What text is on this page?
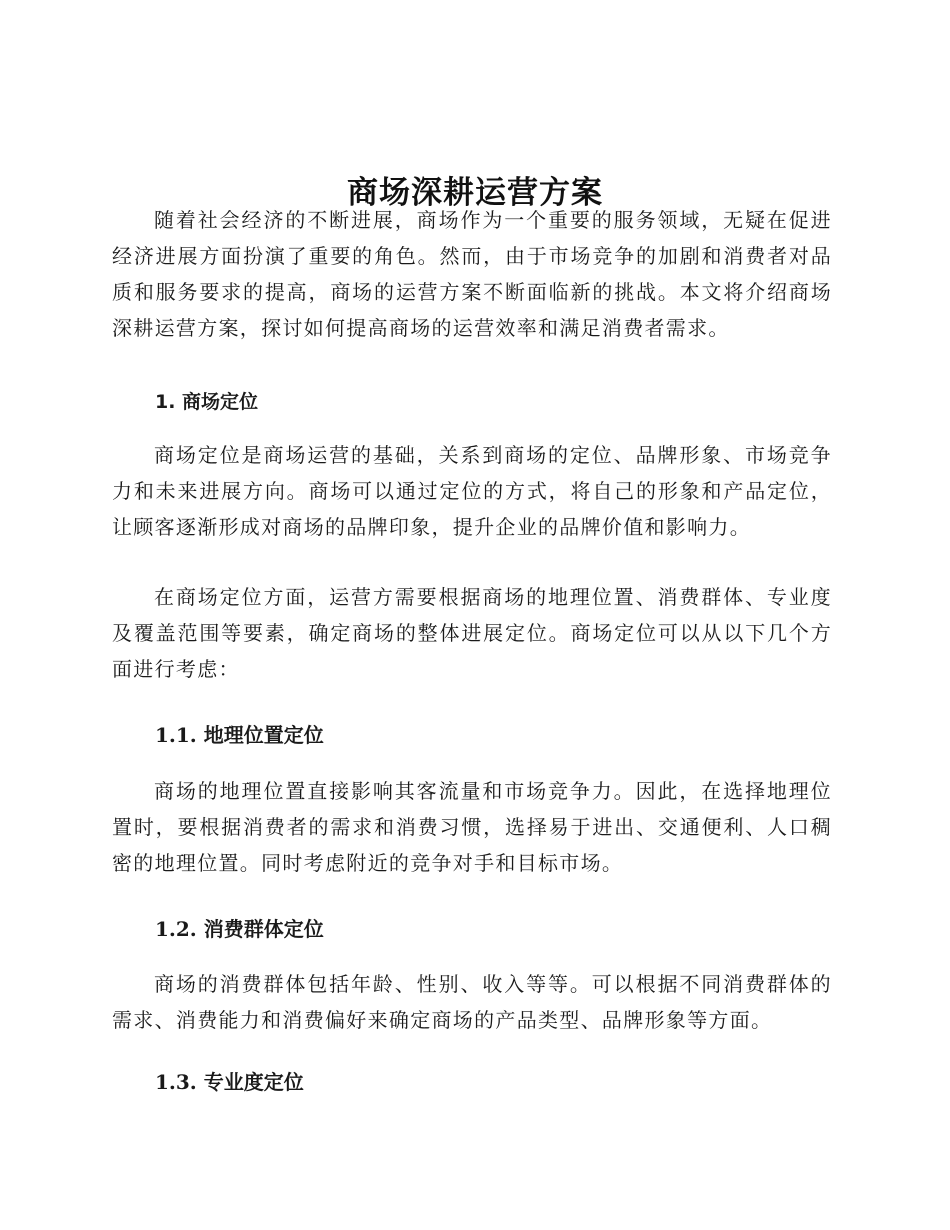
商场深耕运营方案

随着社会经济的不断进展，商场作为一个重要的服务领域，无疑在促进经济进展方面扮演了重要的角色。然而，由于市场竞争的加剧和消费者对品质和服务要求的提高，商场的运营方案不断面临新的挑战。本文将介绍商场深耕运营方案，探讨如何提高商场的运营效率和满足消费者需求。

1. 商场定位

商场定位是商场运营的基础，关系到商场的定位、品牌形象、市场竞争力和未来进展方向。商场可以通过定位的方式，将自己的形象和产品定位，让顾客逐渐形成对商场的品牌印象，提升企业的品牌价值和影响力。

在商场定位方面，运营方需要根据商场的地理位置、消费群体、专业度及覆盖范围等要素，确定商场的整体进展定位。商场定位可以从以下几个方面进行考虑：

1.1. 地理位置定位

商场的地理位置直接影响其客流量和市场竞争力。因此，在选择地理位置时，要根据消费者的需求和消费习惯，选择易于进出、交通便利、人口稠密的地理位置。同时考虑附近的竞争对手和目标市场。

1.2. 消费群体定位

商场的消费群体包括年龄、性别、收入等等。可以根据不同消费群体的需求、消费能力和消费偏好来确定商场的产品类型、品牌形象等方面。

1.3. 专业度定位
